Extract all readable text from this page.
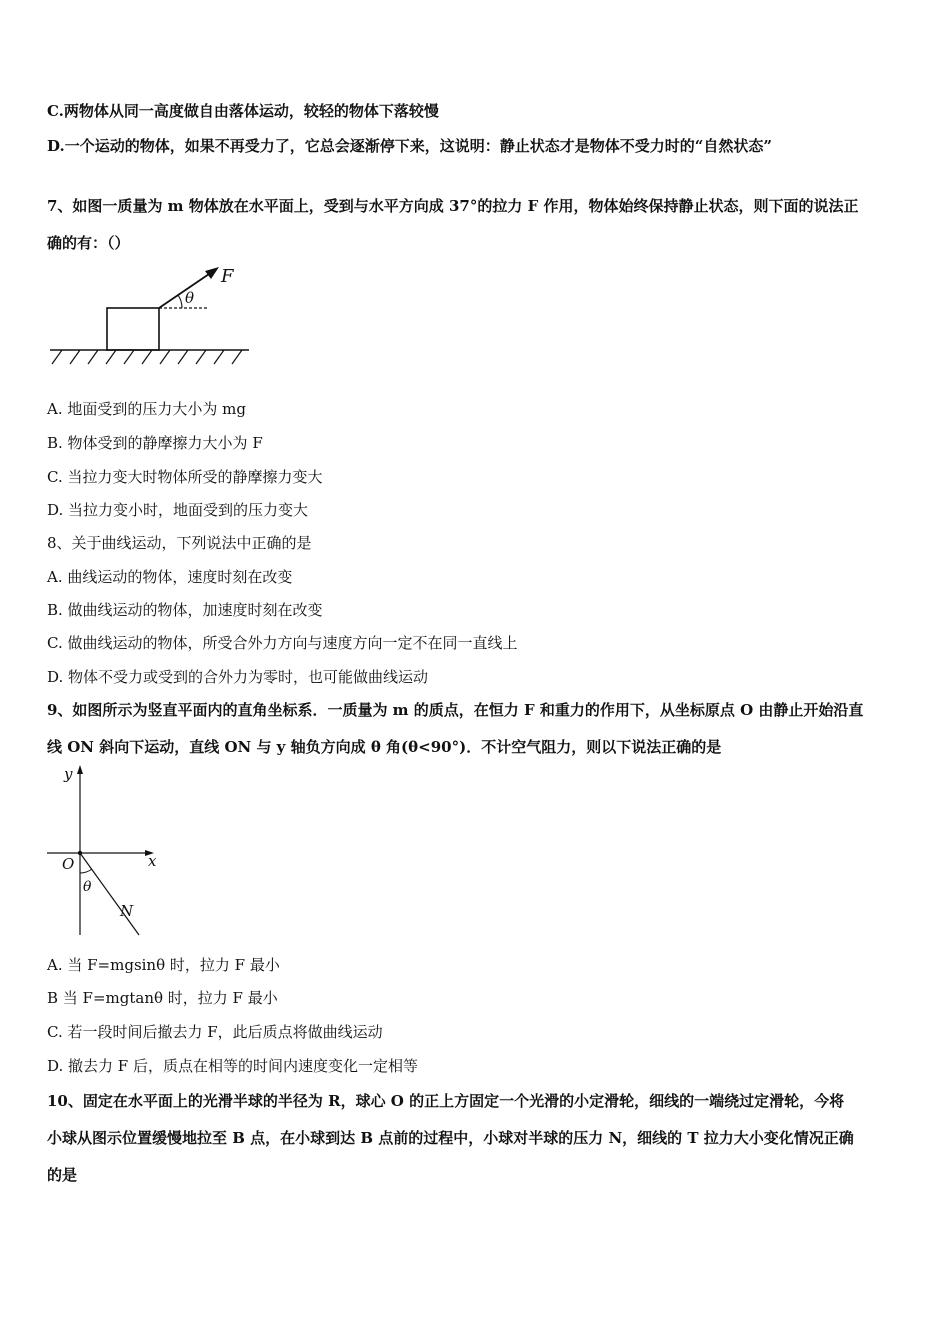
C.两物体从同一高度做自由落体运动，较轻的物体下落较慢
D.一个运动的物体，如果不再受力了，它总会逐渐停下来，这说明：静止状态才是物体不受力时的“自然状态”
7、如图一质量为 m 物体放在水平面上，受到与水平方向成 37°的拉力 F 作用，物体始终保持静止状态，则下面的说法正
确的有：（）
F
θ
y
x
O
θ
N
A. 地面受到的压力大小为 mg
B. 物体受到的静摩擦力大小为 F
C. 当拉力变大时物体所受的静摩擦力变大
D. 当拉力变小时，地面受到的压力变大
8、关于曲线运动，下列说法中正确的是
A. 曲线运动的物体，速度时刻在改变
B. 做曲线运动的物体，加速度时刻在改变
C. 做曲线运动的物体，所受合外力方向与速度方向一定不在同一直线上
D. 物体不受力或受到的合外力为零时，也可能做曲线运动
9、如图所示为竖直平面内的直角坐标系．一质量为 m 的质点，在恒力 F 和重力的作用下，从坐标原点 O 由静止开始沿直
线 ON 斜向下运动，直线 ON 与 y 轴负方向成 θ 角(θ<90°)．不计空气阻力，则以下说法正确的是
A. 当 F=mgsinθ 时，拉力 F 最小
B 当 F=mgtanθ 时，拉力 F 最小
C. 若一段时间后撤去力 F，此后质点将做曲线运动
D. 撤去力 F 后，质点在相等的时间内速度变化一定相等
10、固定在水平面上的光滑半球的半径为 R，球心 O 的正上方固定一个光滑的小定滑轮，细线的一端绕过定滑轮，今将
小球从图示位置缓慢地拉至 B 点，在小球到达 B 点前的过程中，小球对半球的压力 N，细线的 T 拉力大小变化情况正确
的是
